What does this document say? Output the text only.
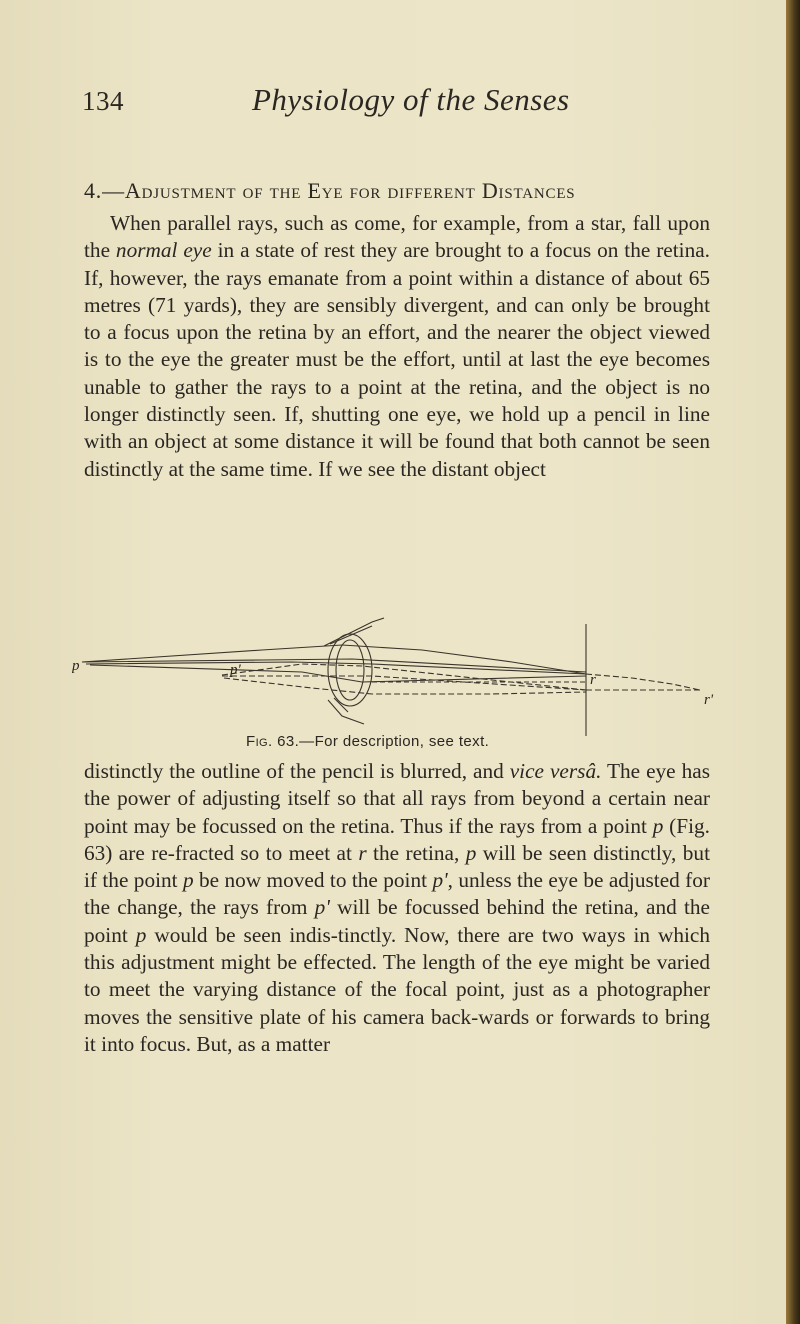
134	Physiology of the Senses
4.—Adjustment of the Eye for different Distances

When parallel rays, such as come, for example, from a star, fall upon the normal eye in a state of rest they are brought to a focus on the retina. If, however, the rays emanate from a point within a distance of about 65 metres (71 yards), they are sensibly divergent, and can only be brought to a focus upon the retina by an effort, and the nearer the object viewed is to the eye the greater must be the effort, until at last the eye becomes unable to gather the rays to a point at the retina, and the object is no longer distinctly seen. If, shutting one eye, we hold up a pencil in line with an object at some distance it will be found that both cannot be seen distinctly at the same time. If we see the distant object

p	p'
r
r'
Fig. 63.—For description, see text.

distinctly the outline of the pencil is blurred, and vice versâ. The eye has the power of adjusting itself so that all rays from beyond a certain near point may be focussed on the retina. Thus if the rays from a point p (Fig. 63) are re-fracted so to meet at r the retina, p will be seen distinctly, but if the point p be now moved to the point p', unless the eye be adjusted for the change, the rays from p' will be focussed behind the retina, and the point p would be seen indis-tinctly. Now, there are two ways in which this adjustment might be effected. The length of the eye might be varied to meet the varying distance of the focal point, just as a photographer moves the sensitive plate of his camera back-wards or forwards to bring it into focus. But, as a matter
